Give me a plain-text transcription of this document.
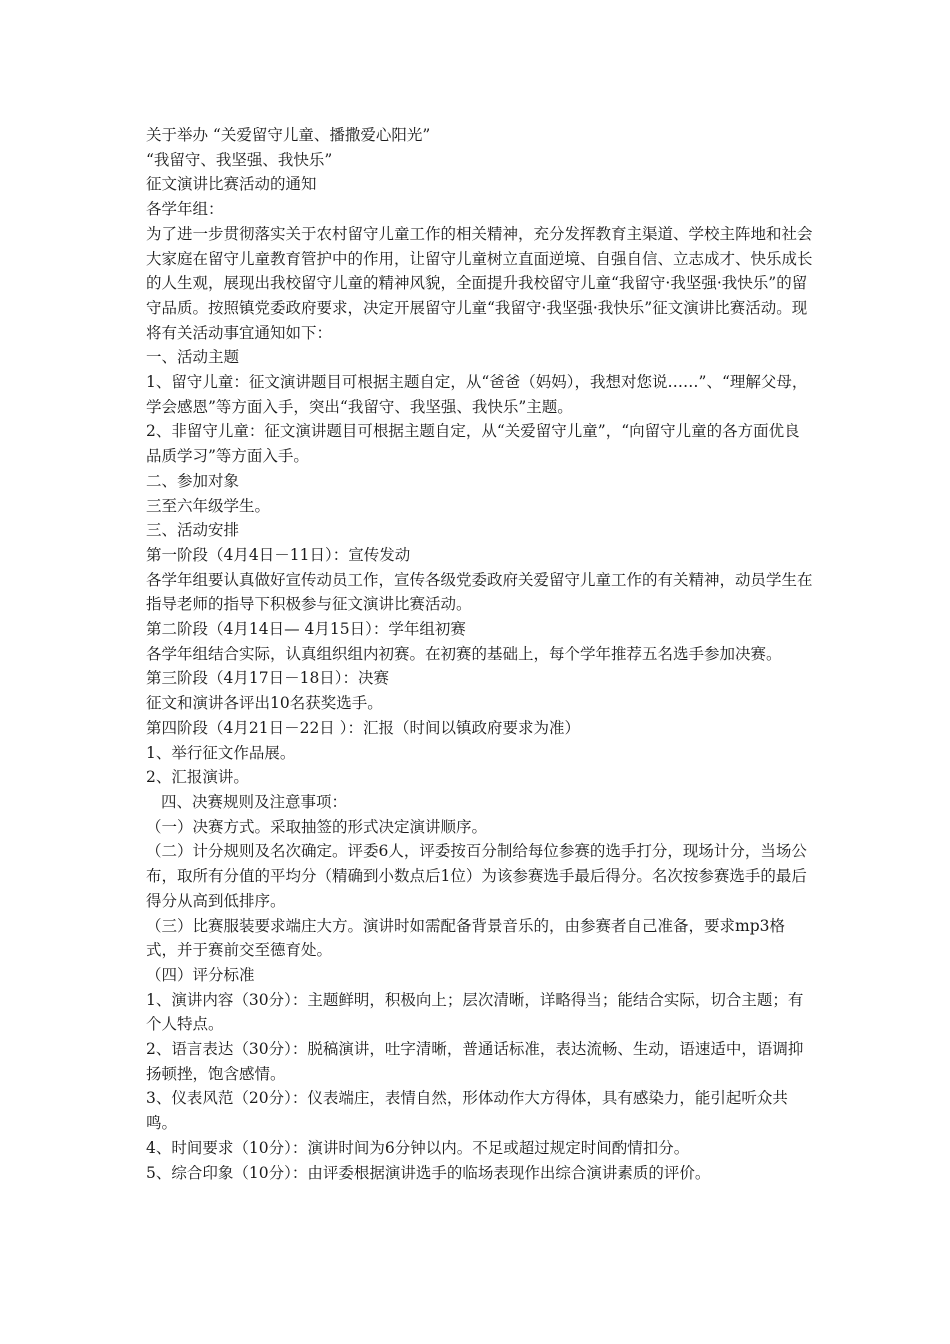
关于举办 “关爱留守儿童、播撒爱心阳光”

“我留守、我坚强、我快乐”

征文演讲比赛活动的通知

各学年组：

为了进一步贯彻落实关于农村留守儿童工作的相关精神，充分发挥教育主渠道、学校主阵地和社会大家庭在留守儿童教育管护中的作用，让留守儿童树立直面逆境、自强自信、立志成才、快乐成长的人生观，展现出我校留守儿童的精神风貌，全面提升我校留守儿童“我留守·我坚强·我快乐”的留守品质。按照镇党委政府要求，决定开展留守儿童“我留守·我坚强·我快乐”征文演讲比赛活动。现将有关活动事宜通知如下：

一、活动主题

1、留守儿童：征文演讲题目可根据主题自定，从“爸爸（妈妈），我想对您说……”、“理解父母，学会感恩”等方面入手，突出“我留守、我坚强、我快乐”主题。

2、非留守儿童：征文演讲题目可根据主题自定，从“关爱留守儿童”，“向留守儿童的各方面优良品质学习”等方面入手。

二、参加对象

三至六年级学生。

三、活动安排

第一阶段（4月4日－11日）：宣传发动

各学年组要认真做好宣传动员工作，宣传各级党委政府关爱留守儿童工作的有关精神，动员学生在指导老师的指导下积极参与征文演讲比赛活动。

第二阶段（4月14日— 4月15日）：学年组初赛

各学年组结合实际，认真组织组内初赛。在初赛的基础上，每个学年推荐五名选手参加决赛。

第三阶段（4月17日－18日）：决赛

征文和演讲各评出10名获奖选手。

第四阶段（4月21日－22日 ）：汇报（时间以镇政府要求为准）

1、举行征文作品展。

2、汇报演讲。

四、决赛规则及注意事项：

（一）决赛方式。采取抽签的形式决定演讲顺序。

（二）计分规则及名次确定。评委6人，评委按百分制给每位参赛的选手打分，现场计分，当场公布，取所有分值的平均分（精确到小数点后1位）为该参赛选手最后得分。名次按参赛选手的最后得分从高到低排序。

（三）比赛服装要求端庄大方。演讲时如需配备背景音乐的，由参赛者自己准备，要求mp3格式，并于赛前交至德育处。

（四）评分标准

1、演讲内容（30分）：主题鲜明，积极向上；层次清晰，详略得当；能结合实际，切合主题；有个人特点。

2、语言表达（30分）：脱稿演讲，吐字清晰，普通话标准，表达流畅、生动，语速适中，语调抑扬顿挫，饱含感情。

3、仪表风范（20分）：仪表端庄，表情自然，形体动作大方得体，具有感染力，能引起听众共鸣。

4、时间要求（10分）：演讲时间为6分钟以内。不足或超过规定时间酌情扣分。

5、综合印象（10分）：由评委根据演讲选手的临场表现作出综合演讲素质的评价。
